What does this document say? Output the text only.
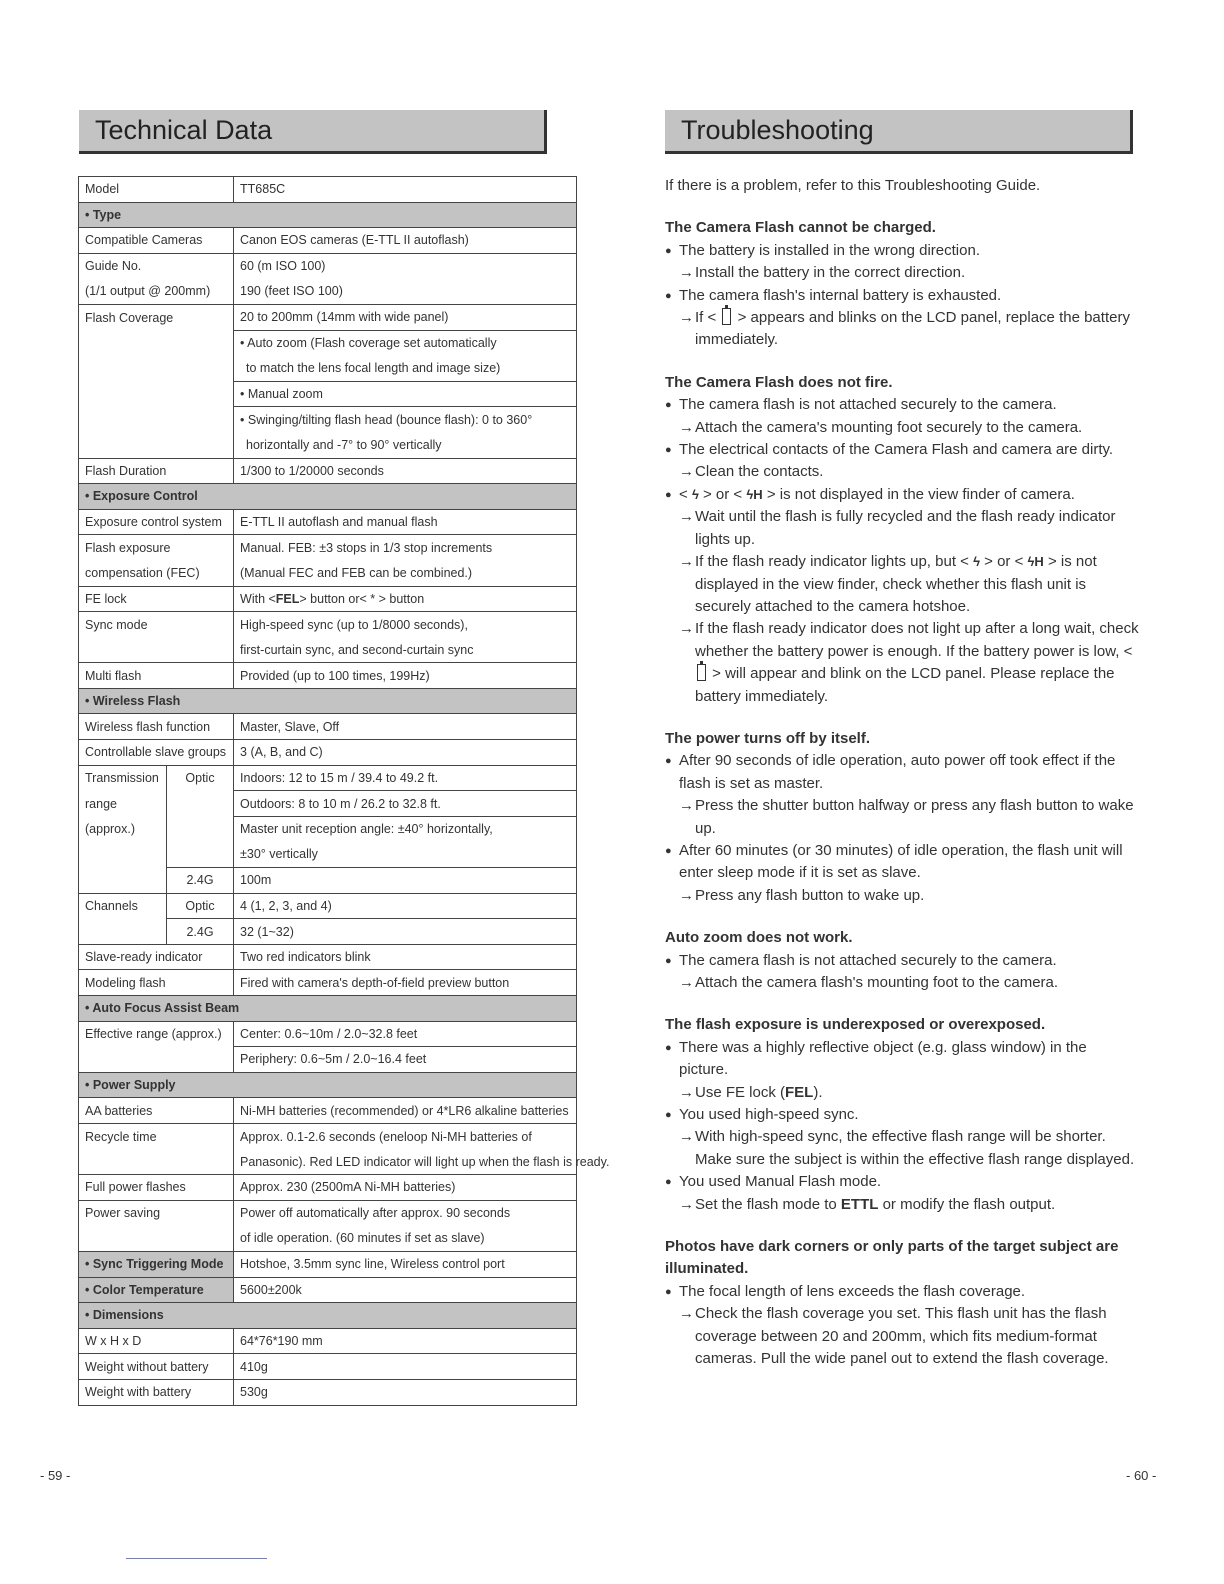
Technical Data
Model		TT685C
• Type		
Compatible Cameras		Canon EOS cameras (E-TTL II autoflash)
Guide No.		60 (m ISO 100)
(1/1 output @ 200mm)		190 (feet ISO 100)
Flash Coverage		20 to 200mm (14mm with wide panel)
		• Auto zoom (Flash coverage set automatically
		to match the lens focal length and image size)
		• Manual zoom
		• Swinging/tilting flash head (bounce flash): 0 to 360°
		horizontally and -7° to 90° vertically
Flash Duration		1/300 to 1/20000 seconds
• Exposure Control		
Exposure control system		E-TTL II autoflash and manual flash
Flash exposure		Manual. FEB: ±3 stops in 1/3 stop increments
compensation (FEC)		(Manual FEC and FEB can be combined.)
FE lock		With <FEL> button or< * > button
Sync mode		High-speed sync (up to 1/8000 seconds),
		first-curtain sync, and second-curtain sync
Multi flash		Provided (up to 100 times, 199Hz)
• Wireless Flash		
Wireless flash function		Master, Slave, Off
Controllable slave groups		3 (A, B, and C)
Transmission	Optic	Indoors: 12 to 15 m / 39.4 to 49.2 ft.
range		Outdoors: 8 to 10 m / 26.2 to 32.8 ft.
(approx.)		Master unit reception angle: ±40° horizontally,
		±30° vertically
	2.4G	100m
Channels	Optic	4 (1, 2, 3, and 4)
	2.4G	32 (1~32)
Slave-ready indicator		Two red indicators blink
Modeling flash		Fired with camera's depth-of-field preview button
• Auto Focus Assist Beam		
Effective range (approx.)		Center: 0.6~10m / 2.0~32.8 feet
		Periphery: 0.6~5m / 2.0~16.4 feet
• Power Supply		
AA batteries		Ni-MH batteries (recommended) or 4*LR6 alkaline batteries
Recycle time		Approx. 0.1-2.6 seconds (eneloop Ni-MH batteries of
		Panasonic). Red LED indicator will light up when the flash is ready.
Full power flashes		Approx. 230 (2500mA Ni-MH batteries)
Power saving		Power off automatically after approx. 90 seconds
		of idle operation. (60 minutes if set as slave)
• Sync Triggering Mode		Hotshoe, 3.5mm sync line, Wireless control port
• Color Temperature		5600±200k
• Dimensions		
W x H x D		64*76*190 mm
Weight without battery		410g
Weight with battery		530g
- 59 -
Troubleshooting

If there is a problem, refer to this Troubleshooting Guide.

The Camera Flash cannot be charged.

● The battery is installed in the wrong direction.

→Install the battery in the correct direction.

● The camera flash's internal battery is exhausted.

→If < > appears and blinks on the LCD panel, replace the battery immediately.

The Camera Flash does not fire.

● The camera flash is not attached securely to the camera.

→Attach the camera's mounting foot securely to the camera.

● The electrical contacts of the Camera Flash and camera are dirty.

→Clean the contacts.

● < ϟ > or < ϟH > is not displayed in the view finder of camera.

→Wait until the flash is fully recycled and the flash ready indicator lights up.

→If the flash ready indicator lights up, but < ϟ > or < ϟH > is not displayed in the view finder, check whether this flash unit is securely attached to the camera hotshoe.

→If the flash ready indicator does not light up after a long wait, check whether the battery power is enough. If the battery power is low, <  > will appear and blink on the LCD panel. Please replace the battery immediately.

The power turns off by itself.

● After 90 seconds of idle operation, auto power off took effect if the flash is set as master.

→Press the shutter button halfway or press any flash button to wake up.

● After 60 minutes (or 30 minutes) of idle operation, the flash unit will enter sleep mode if it is set as slave.

→Press any flash button to wake up.

Auto zoom does not work.

● The camera flash is not attached securely to the camera.

→Attach the camera flash's mounting foot to the camera.

The flash exposure is underexposed or overexposed.

● There was a highly reflective object (e.g. glass window) in the picture.

→Use FE lock (FEL).

● You used high-speed sync.

→With high-speed sync, the effective flash range will be shorter. Make sure the subject is within the effective flash range displayed.

● You used Manual Flash mode.

→Set the flash mode to ETTL or modify the flash output.

Photos have dark corners or only parts of the target subject are illuminated.

● The focal length of lens exceeds the flash coverage.

→Check the flash coverage you set. This flash unit has the flash coverage between 20 and 200mm, which fits medium-format cameras. Pull the wide panel out to extend the flash coverage.

- 60 -
